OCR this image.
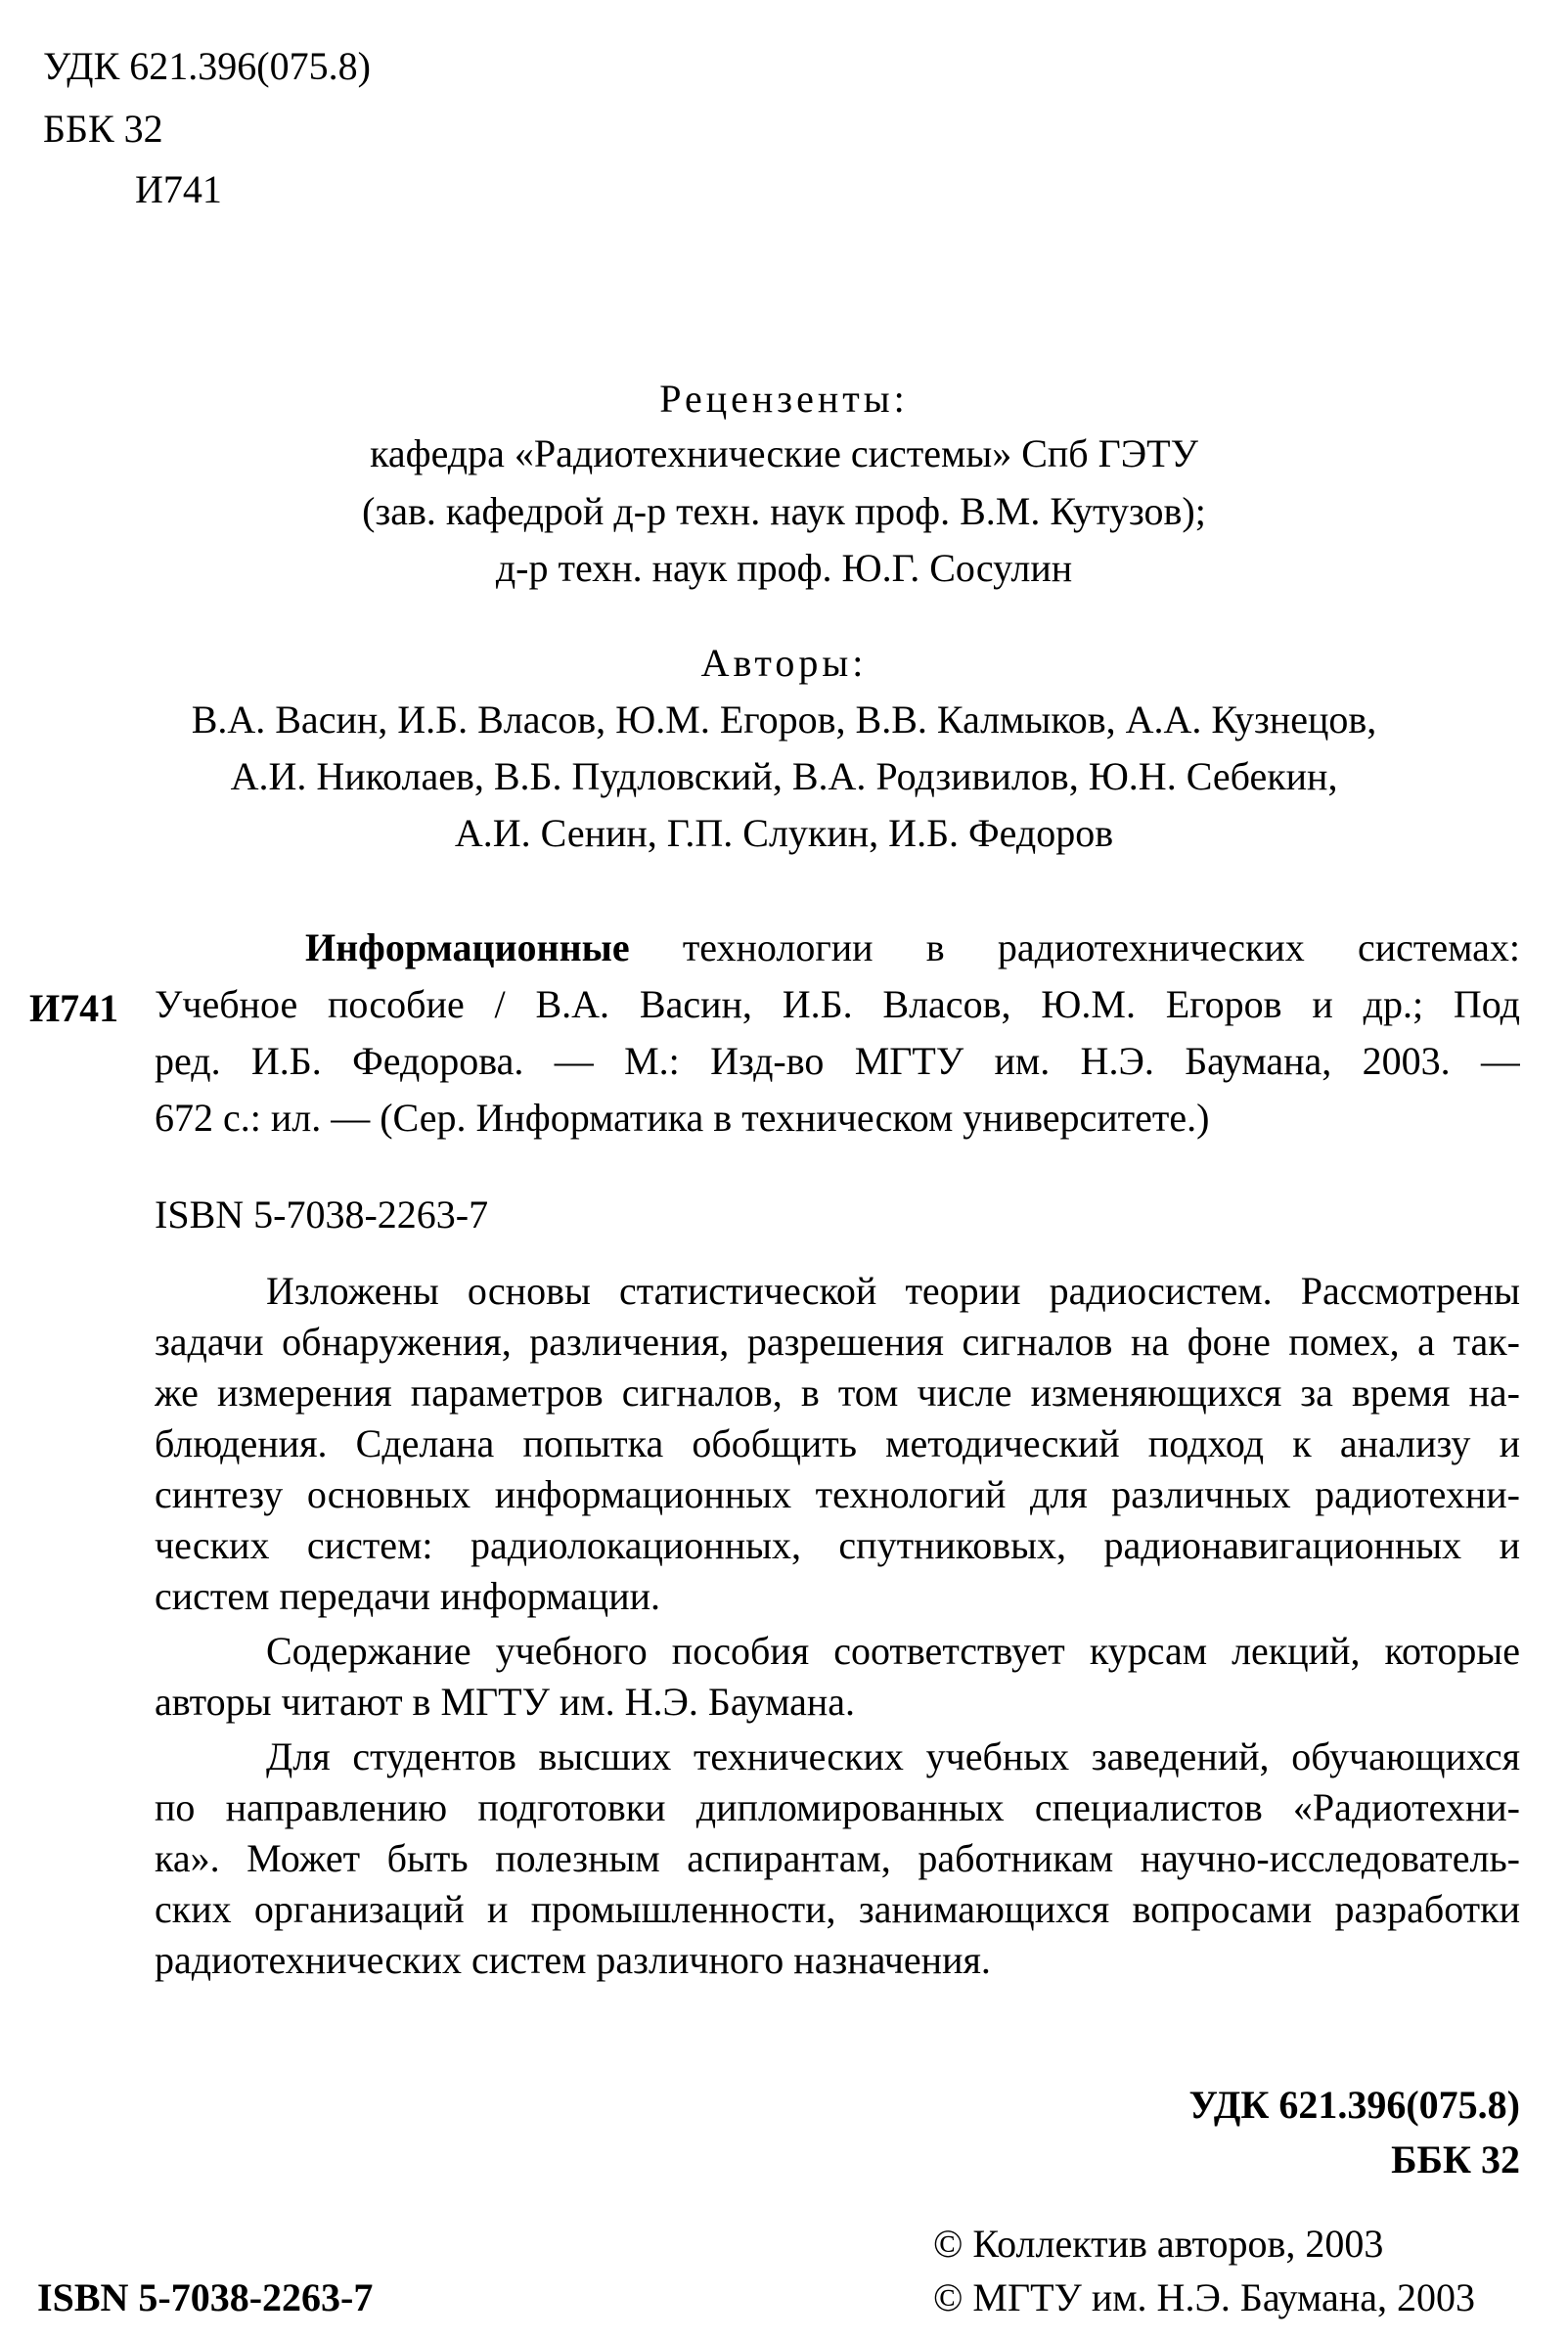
УДК 621.396(075.8)
ББК 32
И741
Рецензенты:
кафедра «Радиотехнические системы» Спб ГЭТУ
(зав. кафедрой д-р техн. наук проф. В.М. Кутузов);
д-р техн. наук проф. Ю.Г. Сосулин
Авторы:
В.А. Васин, И.Б. Власов, Ю.М. Егоров, В.В. Калмыков, А.А. Кузнецов,
А.И. Николаев, В.Б. Пудловский, В.А. Родзивилов, Ю.Н. Себекин,
А.И. Сенин, Г.П. Слукин, И.Б. Федоров
Информационные технологии в радиотехнических системах:
И741 Учебное пособие / В.А. Васин, И.Б. Власов, Ю.М. Егоров и др.; Под
ред. И.Б. Федорова. — М.: Изд-во МГТУ им. Н.Э. Баумана, 2003. —
672 с.: ил. — (Сер. Информатика в техническом университете.)
ISBN 5-7038-2263-7
Изложены основы статистической теории радиосистем. Рассмотрены
задачи обнаружения, различения, разрешения сигналов на фоне помех, а так-
же измерения параметров сигналов, в том числе изменяющихся за время на-
блюдения. Сделана попытка обобщить методический подход к анализу и
синтезу основных информационных технологий для различных радиотехни-
ческих систем: радиолокационных, спутниковых, радионавигационных и
систем передачи информации.
Содержание учебного пособия соответствует курсам лекций, которые
авторы читают в МГТУ им. Н.Э. Баумана.
Для студентов высших технических учебных заведений, обучающихся
по направлению подготовки дипломированных специалистов «Радиотехни-
ка». Может быть полезным аспирантам, работникам научно-исследователь-
ских организаций и промышленности, занимающихся вопросами разработки
радиотехнических систем различного назначения.
УДК 621.396(075.8)
ББК 32
© Коллектив авторов, 2003
ISBN 5-7038-2263-7	© МГТУ им. Н.Э. Баумана, 2003
